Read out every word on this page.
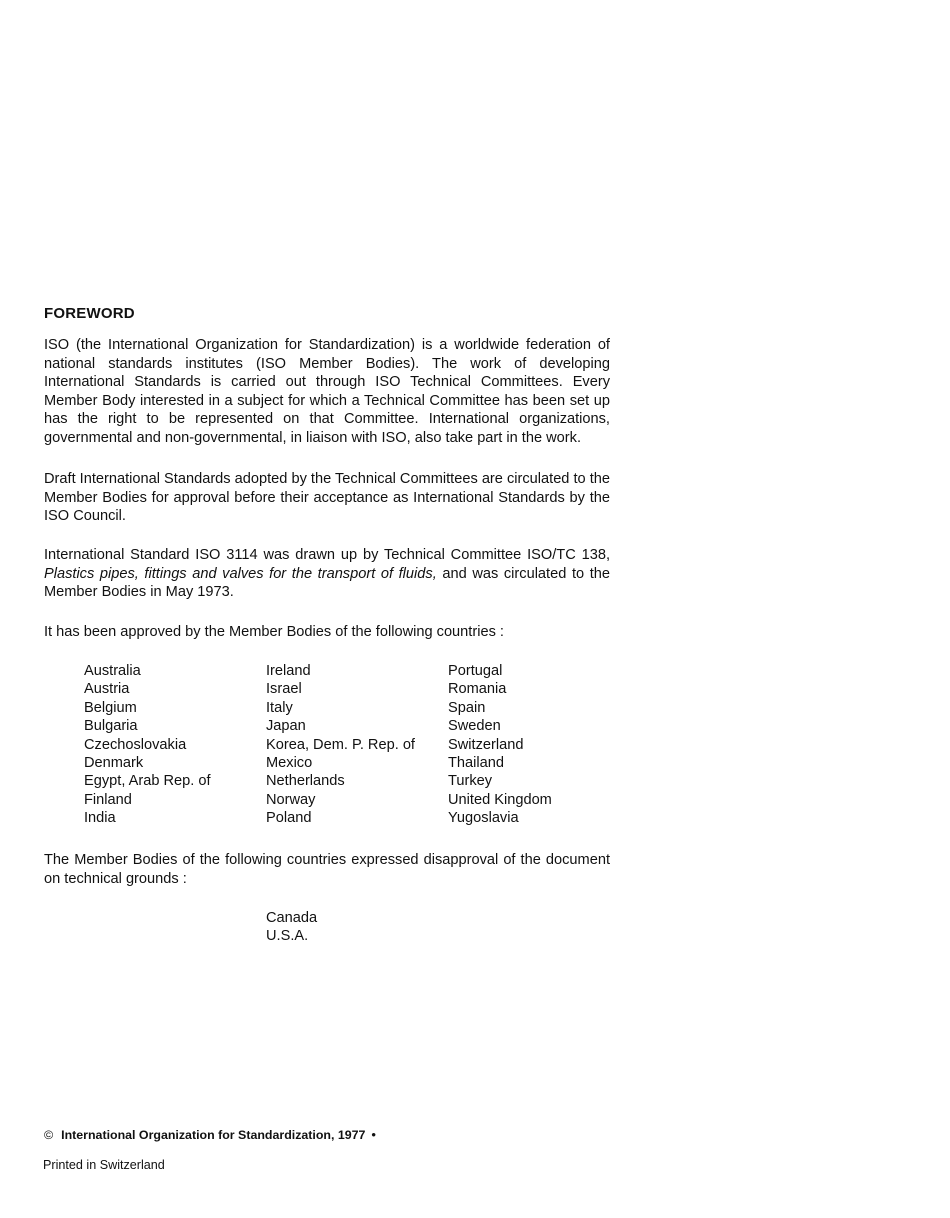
FOREWORD
ISO (the International Organization for Standardization) is a worldwide federation of national standards institutes (ISO Member Bodies). The work of developing International Standards is carried out through ISO Technical Committees. Every Member Body interested in a subject for which a Technical Committee has been set up has the right to be represented on that Committee. International organizations, governmental and non-governmental, in liaison with ISO, also take part in the work.
Draft International Standards adopted by the Technical Committees are circulated to the Member Bodies for approval before their acceptance as International Standards by the ISO Council.
International Standard ISO 3114 was drawn up by Technical Committee ISO/TC 138, Plastics pipes, fittings and valves for the transport of fluids, and was circulated to the Member Bodies in May 1973.
It has been approved by the Member Bodies of the following countries :
Australia	Ireland	Portugal
Austria	Israel	Romania
Belgium	Italy	Spain
Bulgaria	Japan	Sweden
Czechoslovakia	Korea, Dem. P. Rep. of	Switzerland
Denmark	Mexico	Thailand
Egypt, Arab Rep. of	Netherlands	Turkey
Finland	Norway	United Kingdom
India	Poland	Yugoslavia
The Member Bodies of the following countries expressed disapproval of the document on technical grounds :
Canada
U.S.A.
© International Organization for Standardization, 1977 •
Printed in Switzerland
